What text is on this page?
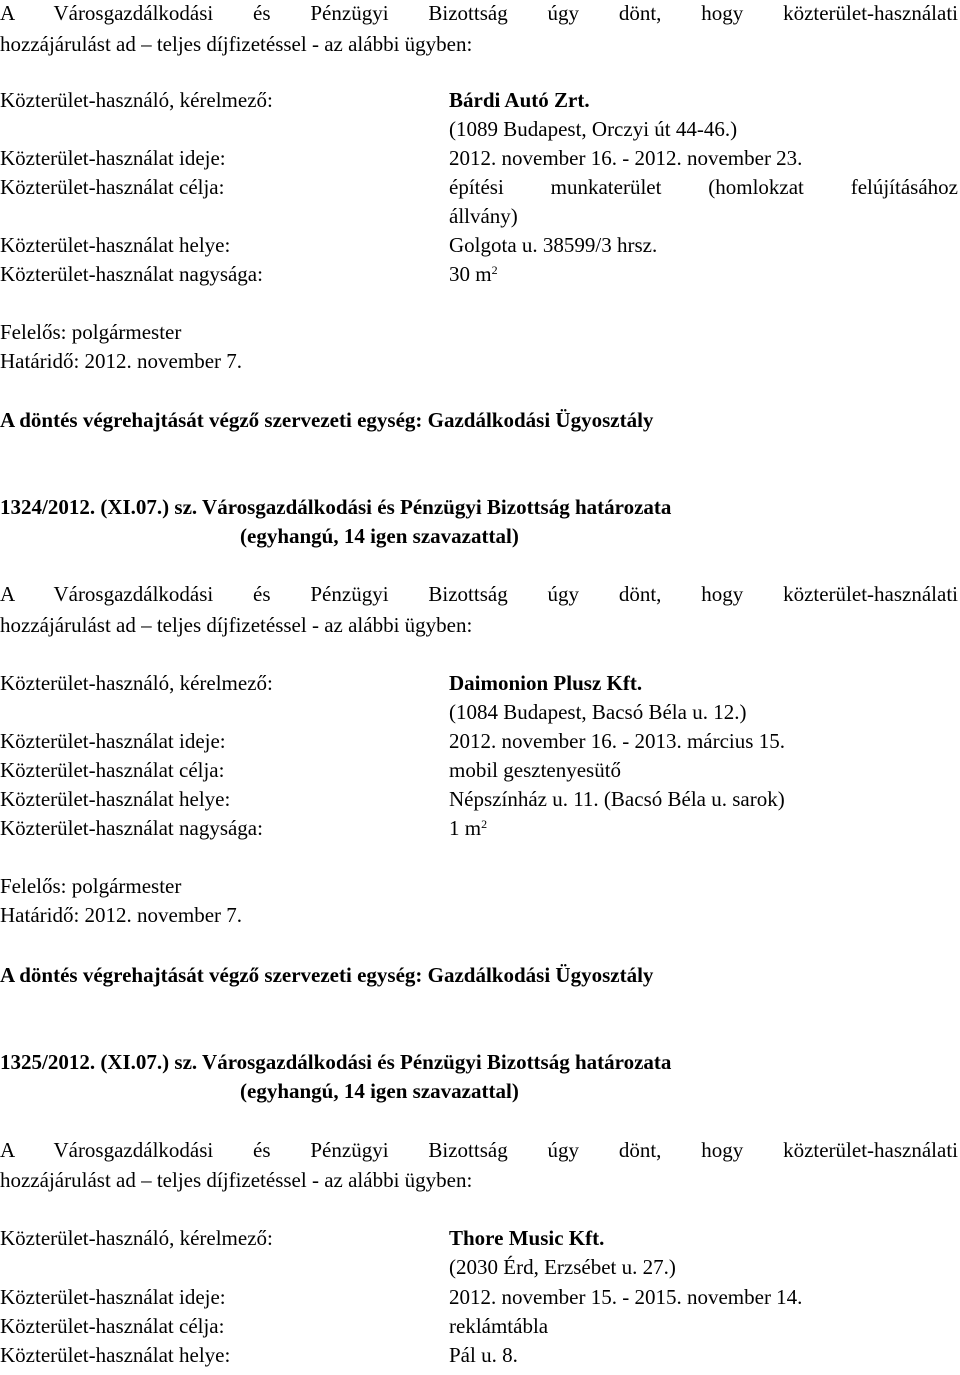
A Városgazdálkodási és Pénzügyi Bizottság úgy dönt, hogy közterület-használati
hozzájárulást ad – teljes díjfizetéssel - az alábbi ügyben:
Közterület-használó, kérelmező:	Bárdi Autó Zrt.
(1089 Budapest, Orczyi út 44-46.)
Közterület-használat ideje:	2012. november 16. - 2012. november 23.
Közterület-használat célja:	építési munkaterület (homlokzat felújításához
állvány)
Közterület-használat helye:	Golgota u. 38599/3 hrsz.
Közterület-használat nagysága:	30 $m^2$
Felelős: polgármester
Határidő: 2012. november 7.
A döntés végrehajtását végző szervezeti egység: Gazdálkodási Ügyosztály
1324/2012. (XI.07.) sz. Városgazdálkodási és Pénzügyi Bizottság határozata
(egyhangú, 14 igen szavazattal)
A Városgazdálkodási és Pénzügyi Bizottság úgy dönt, hogy közterület-használati
hozzájárulást ad – teljes díjfizetéssel - az alábbi ügyben:
Közterület-használó, kérelmező:	Daimonion Plusz Kft.
(1084 Budapest, Bacsó Béla u. 12.)
Közterület-használat ideje:	2012. november 16. - 2013. március 15.
Közterület-használat célja:	mobil gesztenyesütő
Közterület-használat helye:	Népszínház u. 11. (Bacsó Béla u. sarok)
Közterület-használat nagysága:	1 $m^2$
Felelős: polgármester
Határidő: 2012. november 7.
A döntés végrehajtását végző szervezeti egység: Gazdálkodási Ügyosztály
1325/2012. (XI.07.) sz. Városgazdálkodási és Pénzügyi Bizottság határozata
(egyhangú, 14 igen szavazattal)
A Városgazdálkodási és Pénzügyi Bizottság úgy dönt, hogy közterület-használati
hozzájárulást ad – teljes díjfizetéssel - az alábbi ügyben:
Közterület-használó, kérelmező:	Thore Music Kft.
(2030 Érd, Erzsébet u. 27.)
Közterület-használat ideje:	2012. november 15. - 2015. november 14.
Közterület-használat célja:	reklámtábla
Közterület-használat helye:	Pál u. 8.
